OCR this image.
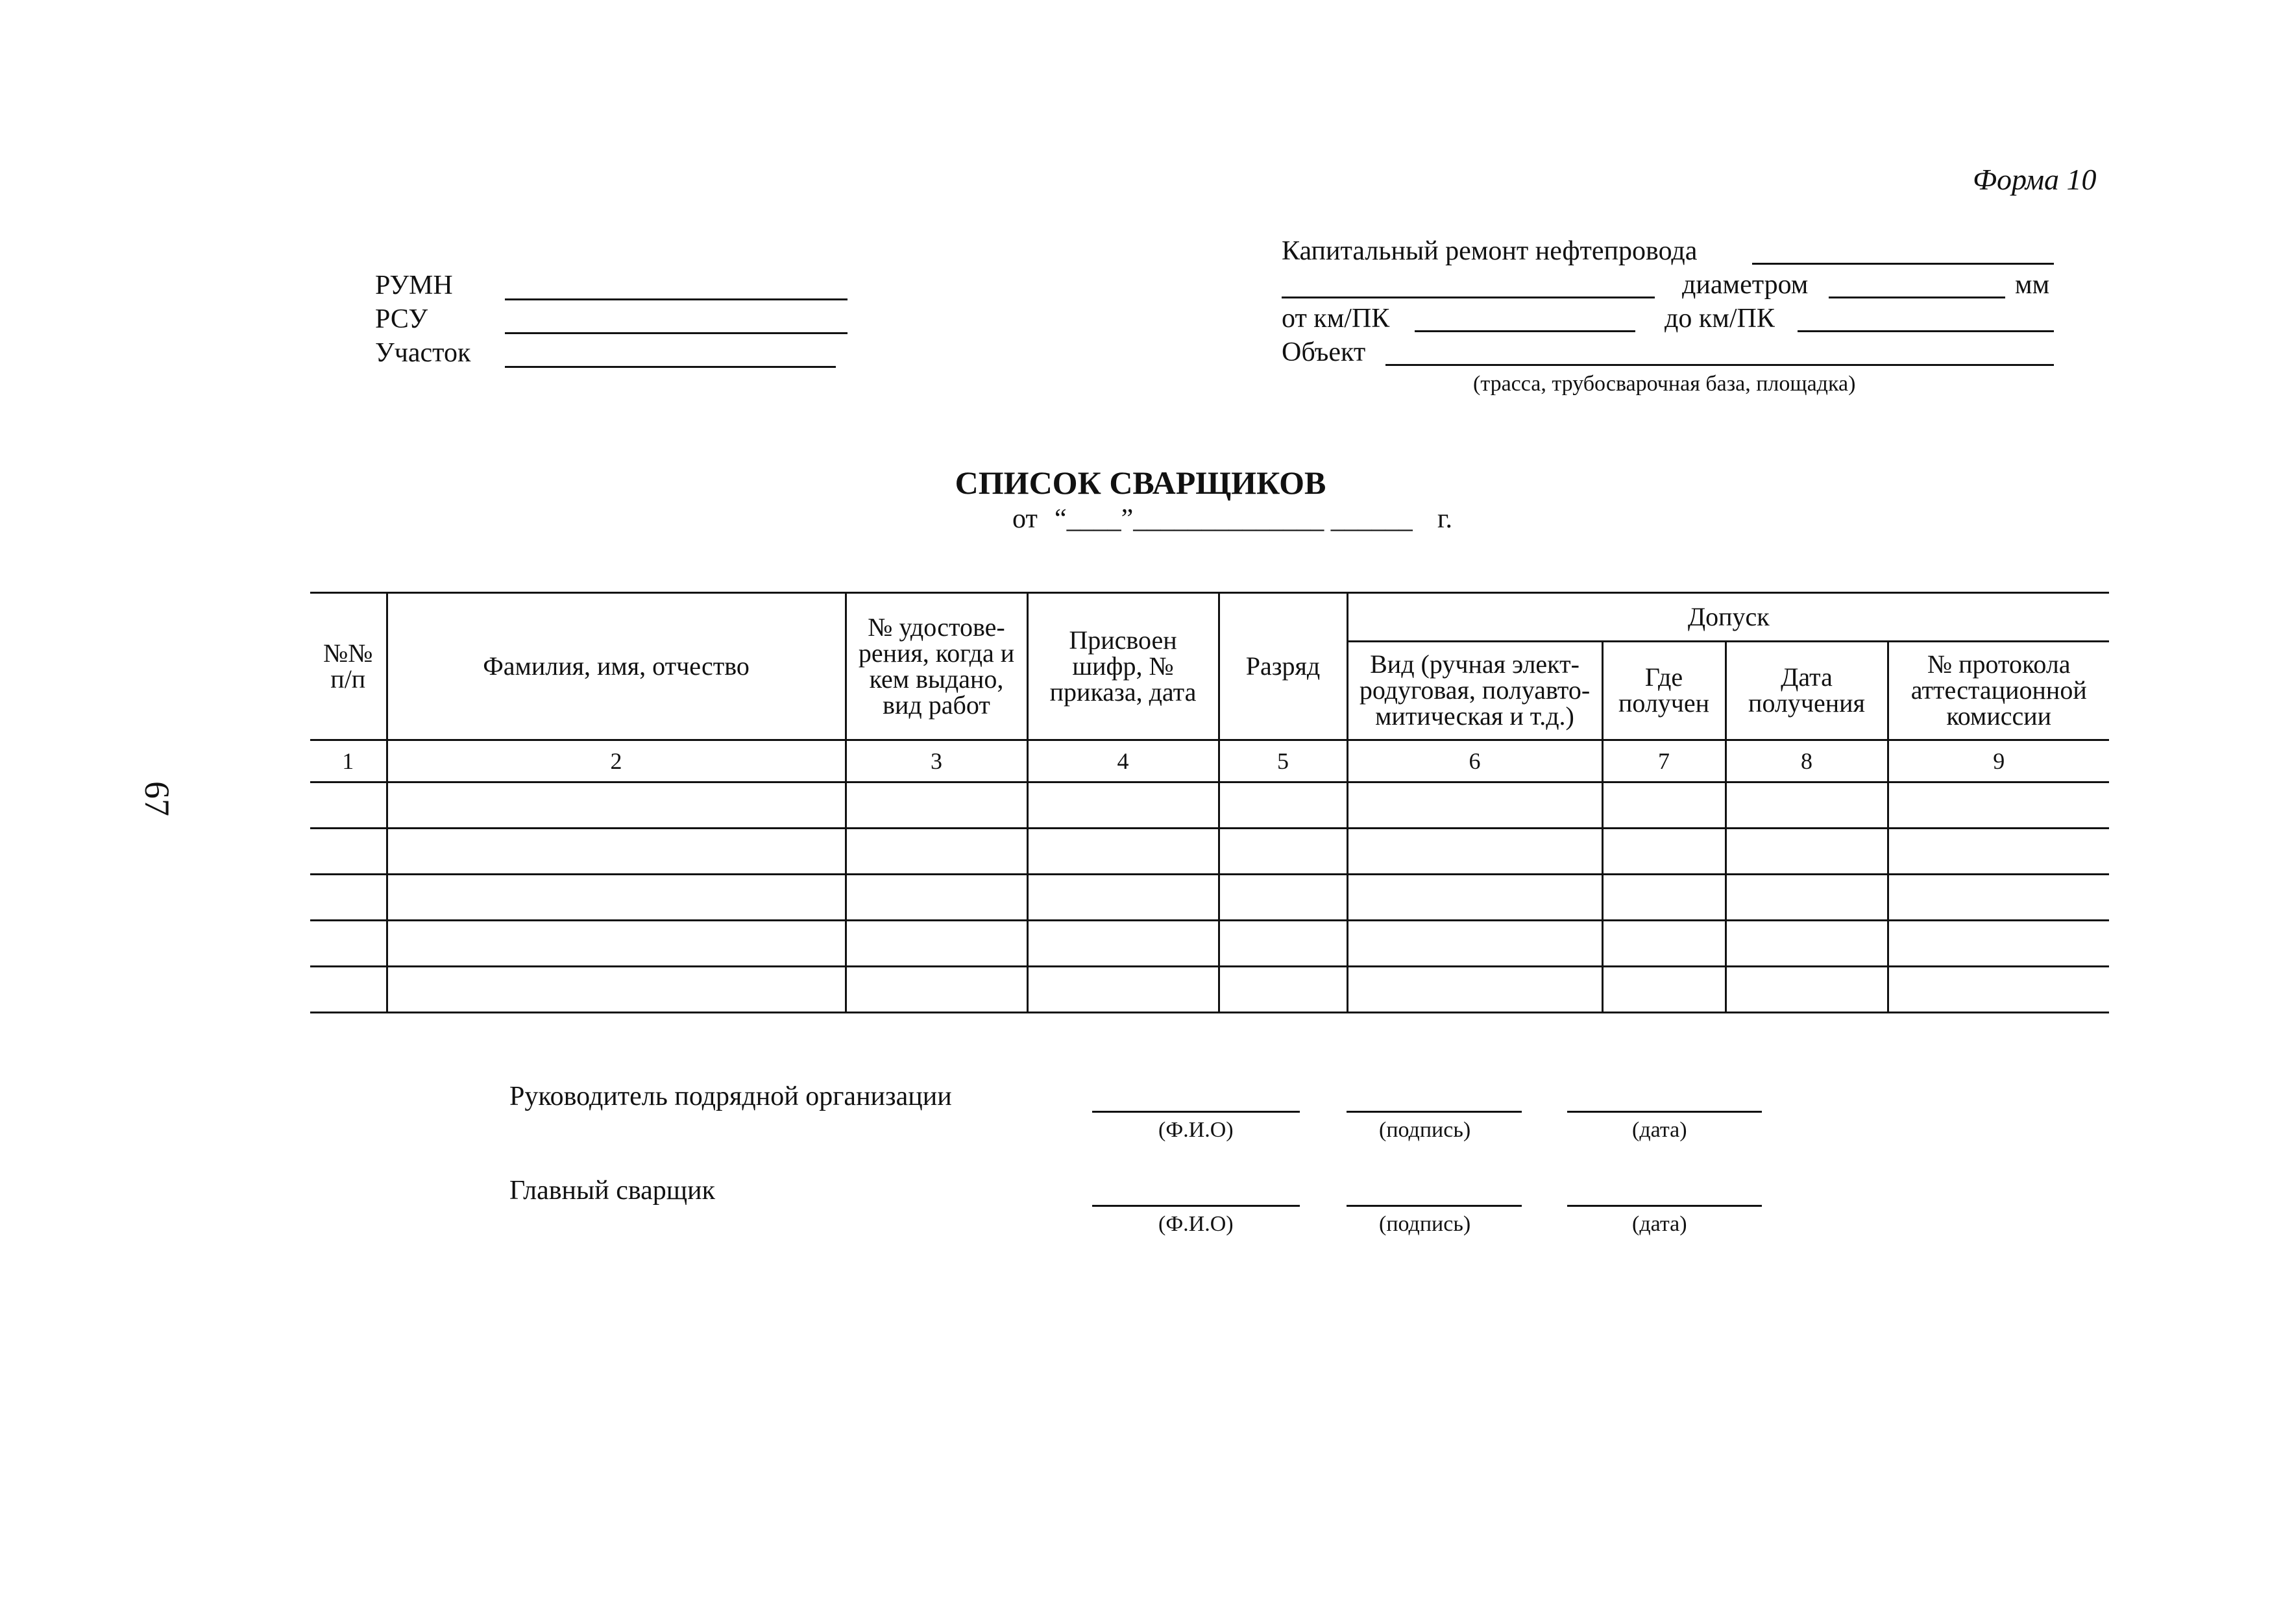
Форма 10
67
РУМН
РСУ
Участок
Капитальный ремонт нефтепровода
диаметром	мм
от км/ПК	до км/ПК
Объект
(трасса, трубосварочная база, площадка)
СПИСОК СВАРЩИКОВ
от “____”______________ ______ г.
№№ п/п	Фамилия, имя, отчество	№ удостове-рения, когда и кем выдано, вид работ	Присвоен шифр, № приказа, дата	Разряд	Допуск			
					Вид (ручная элект-родуговая, полуавто-митическая и т.д.)	Где получен	Дата получения	№ протокола аттестационной комиссии
1	2	3	4	5	6	7	8	9

Руководитель подрядной организации
(Ф.И.О)	(подпись)	(дата)
Главный сварщик
(Ф.И.О)	(подпись)	(дата)
